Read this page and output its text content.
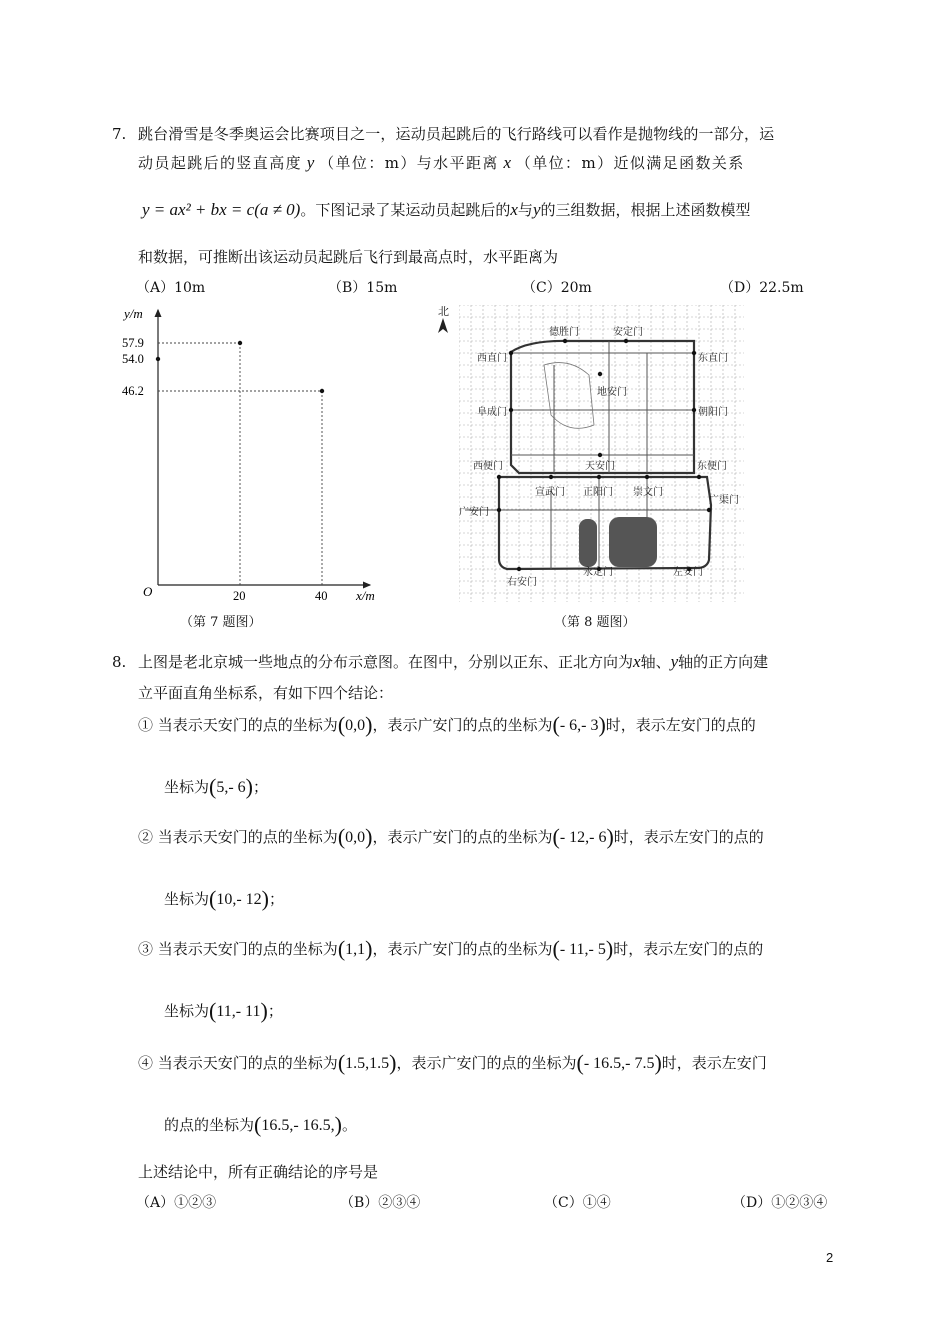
7. 跳台滑雪是冬季奥运会比赛项目之一，运动员起跳后的飞行路线可以看作是抛物线的一部分，运
动员起跳后的竖直高度 y （单位：m）与水平距离 x （单位：m）近似满足函数关系
y = ax² + bx = c(a ≠ 0)。下图记录了某运动员起跳后的x与y的三组数据，根据上述函数模型
和数据，可推断出该运动员起跳后飞行到最高点时，水平距离为
（A）10m	（B）15m	（C）20m	（D）22.5m
y/m
x/m
O
57.9
54.0
46.2
20	40
（第 7 题图）
北
德胜门	安定门
西直门	东直门
地安门
阜成门	朝阳门
西便门	天安门	东便门
宣武门 正阳门 崇文门
广渠门
广安门
右安门
永定门	左安门
（第 8 题图）
8. 上图是老北京城一些地点的分布示意图。在图中，分别以正东、正北方向为x轴、y轴的正方向建
立平面直角坐标系，有如下四个结论：
① 当表示天安门的点的坐标为(0,0)，表示广安门的点的坐标为(- 6,- 3)时，表示左安门的点的
坐标为(5,- 6)；
② 当表示天安门的点的坐标为(0,0)，表示广安门的点的坐标为(- 12,- 6)时，表示左安门的点的
坐标为(10,- 12)；
③ 当表示天安门的点的坐标为(1,1)，表示广安门的点的坐标为(- 11,- 5)时，表示左安门的点的
坐标为(11,- 11)；
④ 当表示天安门的点的坐标为(1.5,1.5)，表示广安门的点的坐标为(- 16.5,- 7.5)时，表示左安门
的点的坐标为(16.5,- 16.5,)。
上述结论中，所有正确结论的序号是
（A）①②③	（B）②③④	（C）①④	（D）①②③④
2
